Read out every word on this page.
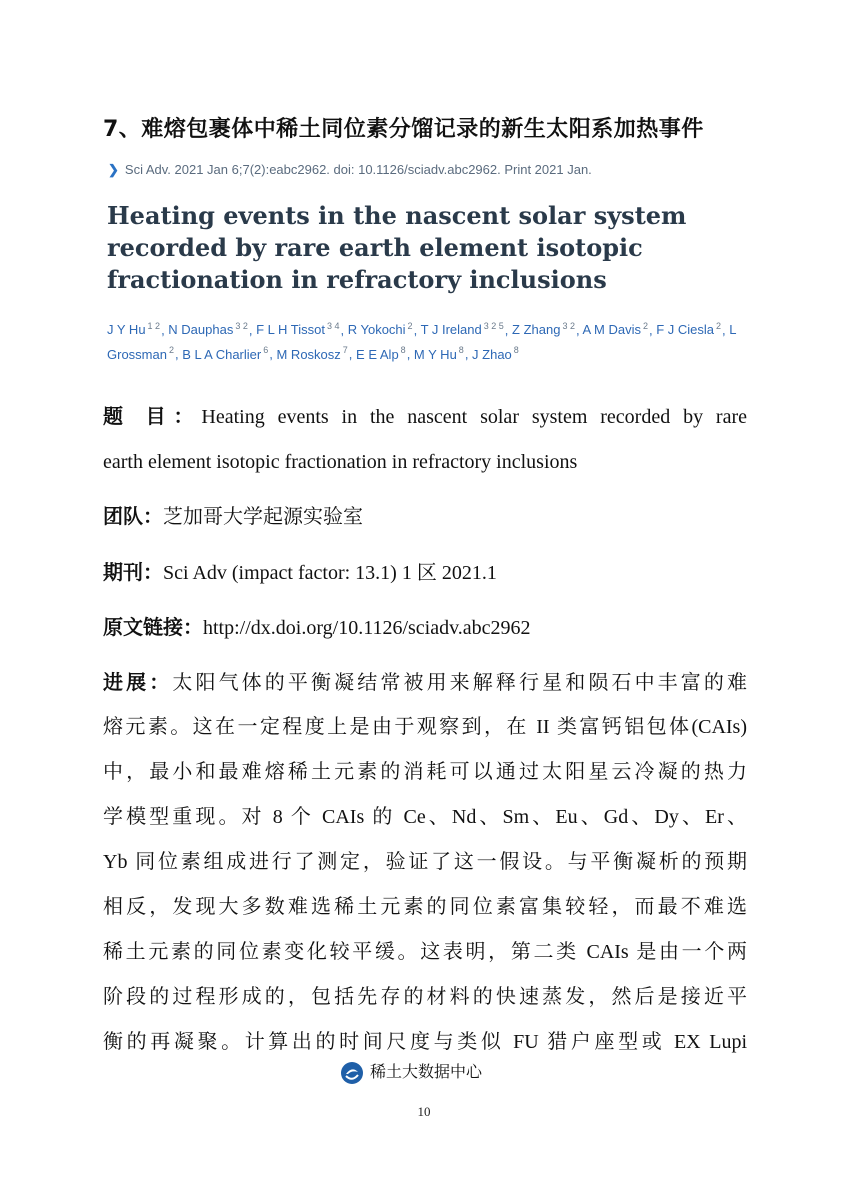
7、难熔包裹体中稀土同位素分馏记录的新生太阳系加热事件
❯ Sci Adv. 2021 Jan 6;7(2):eabc2962. doi: 10.1126/sciadv.abc2962. Print 2021 Jan.
Heating events in the nascent solar system recorded by rare earth element isotopic fractionation in refractory inclusions
J Y Hu $^{1 2}$, N Dauphas $^{3 2}$, F L H Tissot $^{3 4}$, R Yokochi $^2$, T J Ireland $^{3 2 5}$, Z Zhang $^{3 2}$, A M Davis $^2$, F J Ciesla $^2$, L Grossman $^2$, B L A Charlier $^6$, M Roskosz $^7$, E E Alp $^8$, M Y Hu $^8$, J Zhao $^8$
题 目：Heating events in the nascent solar system recorded by rare
earth element isotopic fractionation in refractory inclusions
团队：芝加哥大学起源实验室
期刊：Sci Adv (impact factor: 13.1) 1 区 2021.1
原文链接：http://dx.doi.org/10.1126/sciadv.abc2962
进展：太阳气体的平衡凝结常被用来解释行星和陨石中丰富的难
熔元素。这在一定程度上是由于观察到，在 II 类富钙铝包体(CAIs)
中，最小和最难熔稀土元素的消耗可以通过太阳星云冷凝的热力
学模型重现。对 8 个 CAIs 的 Ce、Nd、Sm、Eu、Gd、Dy、Er、
Yb 同位素组成进行了测定，验证了这一假设。与平衡凝析的预期
相反，发现大多数难选稀土元素的同位素富集较轻，而最不难选
稀土元素的同位素变化较平缓。这表明，第二类 CAIs 是由一个两
阶段的过程形成的，包括先存的材料的快速蒸发，然后是接近平
衡的再凝聚。计算出的时间尺度与类似 FU 猎户座型或 EX Lupi
稀土大数据中心
10
